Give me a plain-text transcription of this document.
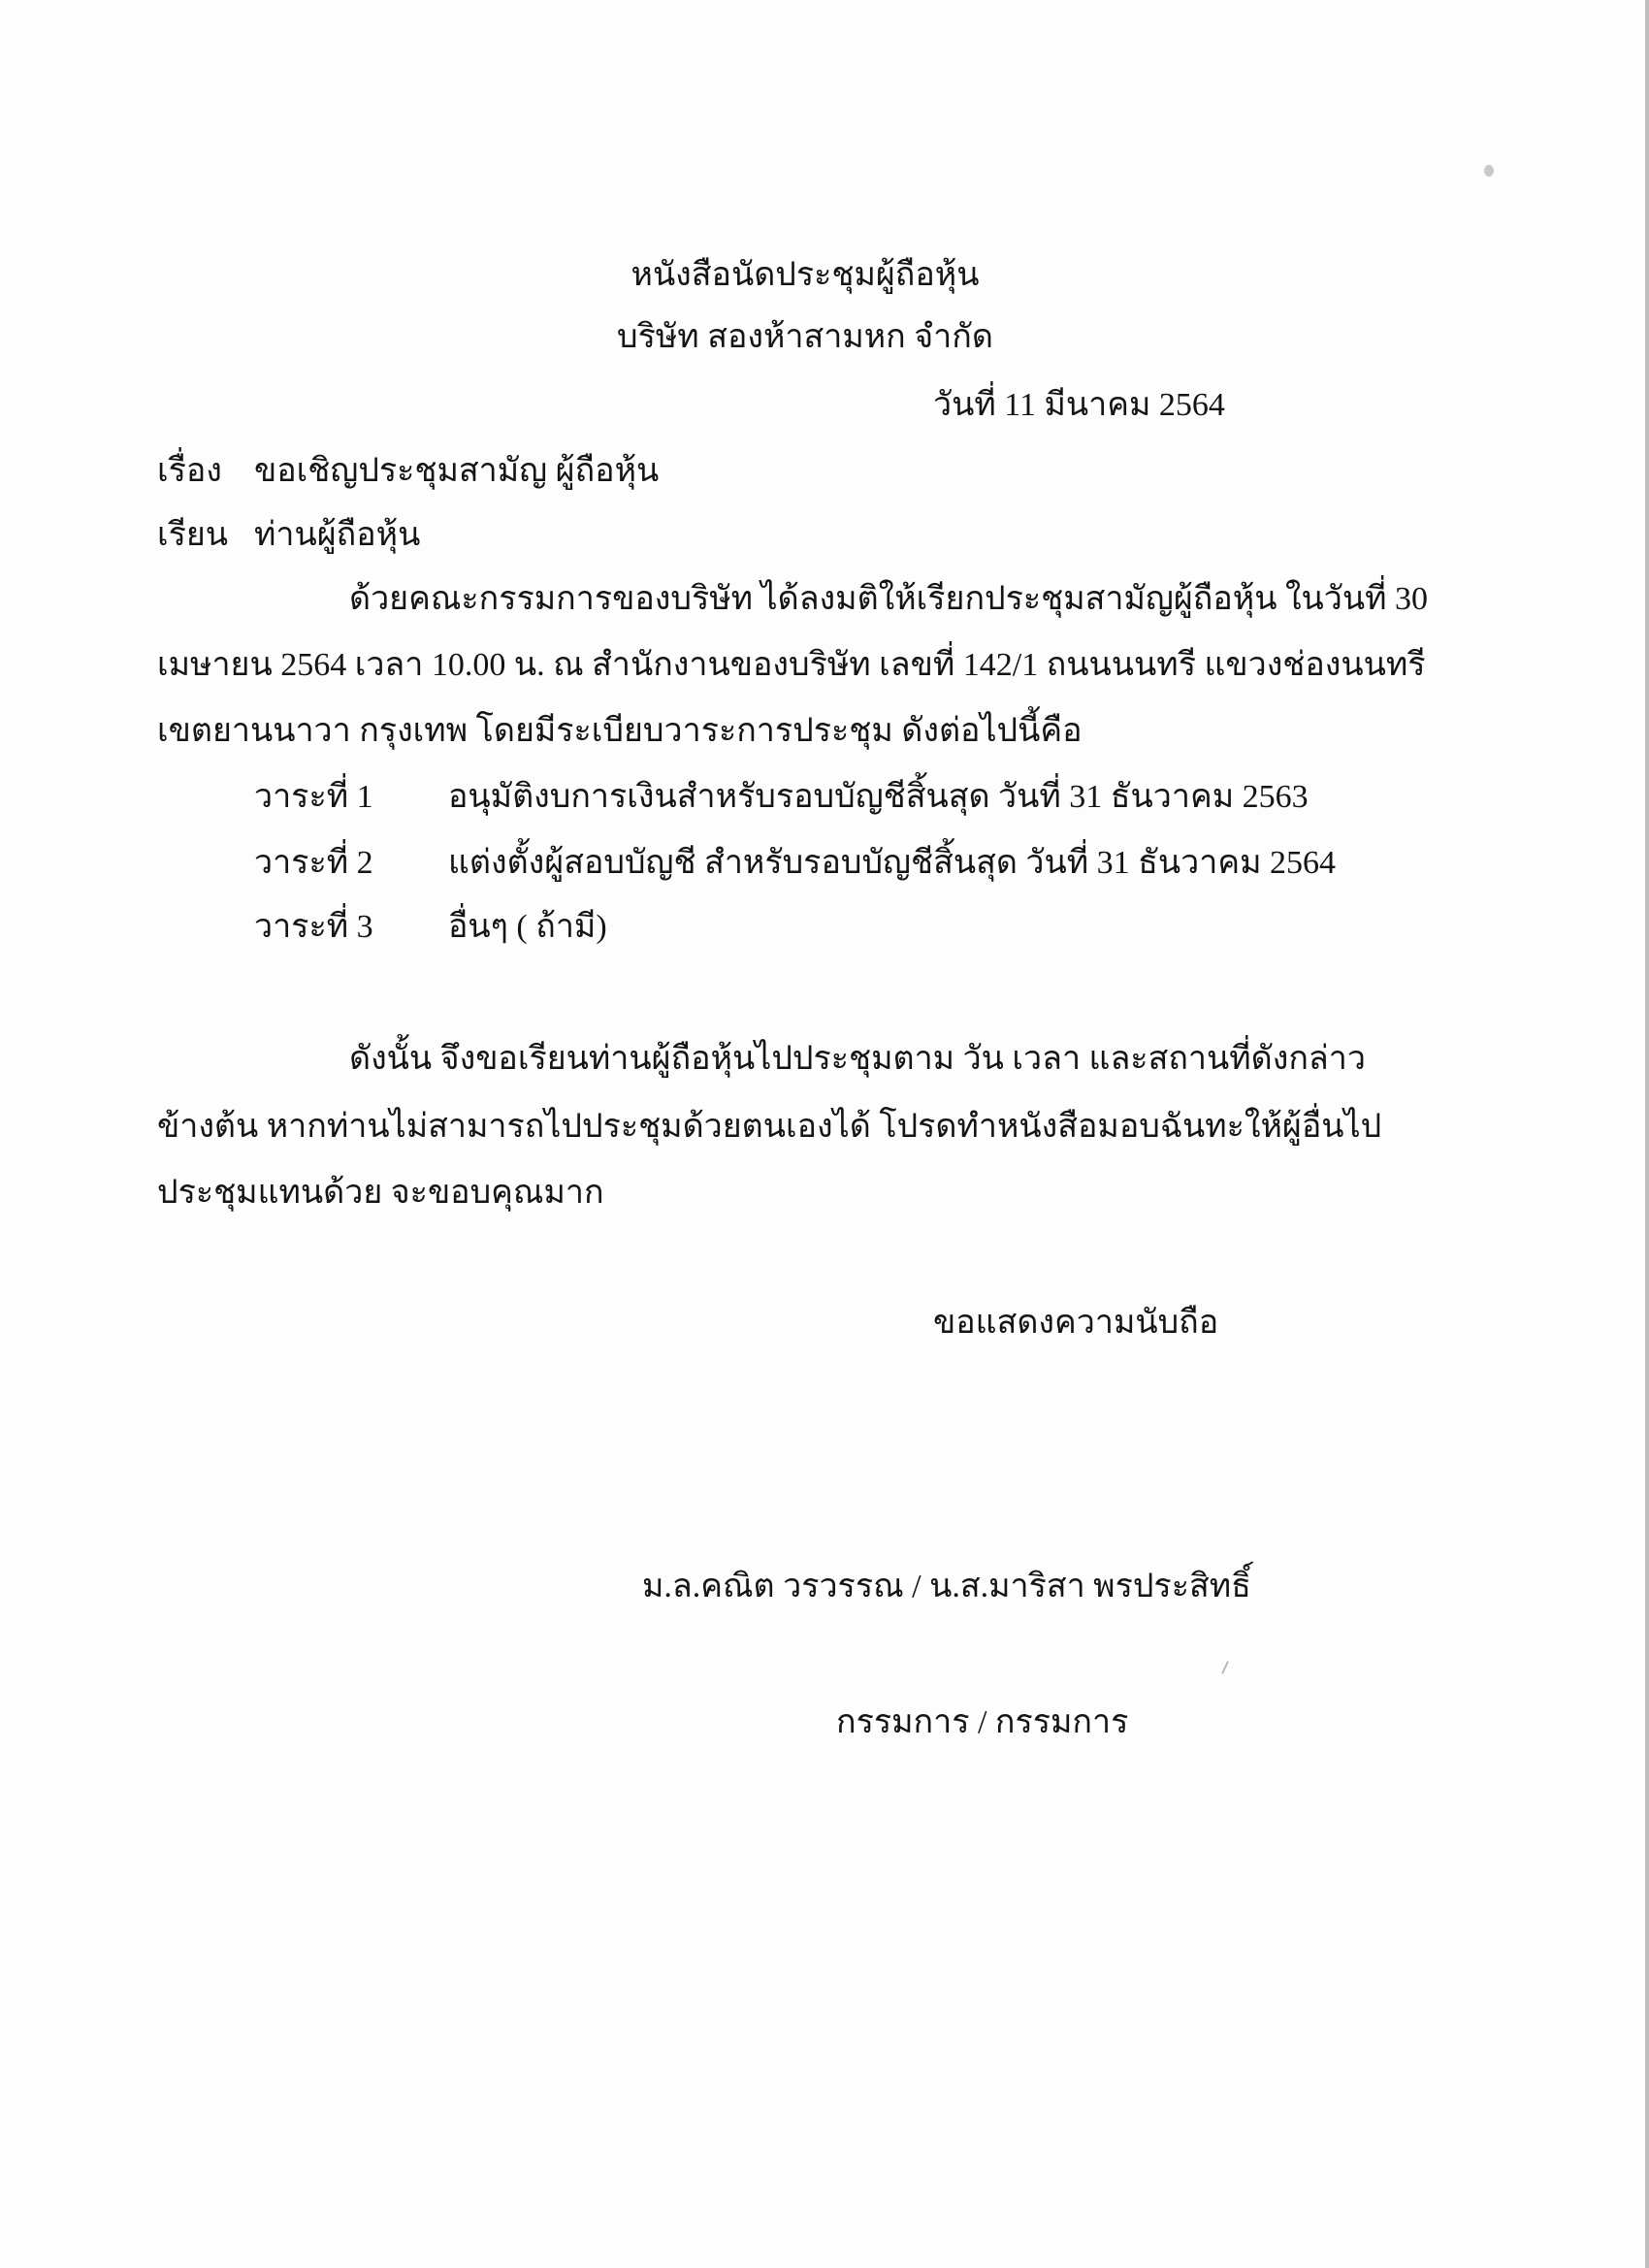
หนังสือนัดประชุมผู้ถือหุ้น
บริษัท สองห้าสามหก จำกัด
วันที่ 11 มีนาคม 2564
เรื่อง ขอเชิญประชุมสามัญ ผู้ถือหุ้น
เรียน ท่านผู้ถือหุ้น
ด้วยคณะกรรมการของบริษัท ได้ลงมติให้เรียกประชุมสามัญผู้ถือหุ้น ในวันที่ 30
เมษายน 2564 เวลา 10.00 น. ณ สำนักงานของบริษัท เลขที่ 142/1 ถนนนนทรี แขวงช่องนนทรี
เขตยานนาวา กรุงเทพ โดยมีระเบียบวาระการประชุม ดังต่อไปนี้คือ
วาระที่ 1 อนุมัติงบการเงินสำหรับรอบบัญชีสิ้นสุด วันที่ 31 ธันวาคม 2563
วาระที่ 2 แต่งตั้งผู้สอบบัญชี สำหรับรอบบัญชีสิ้นสุด วันที่ 31 ธันวาคม 2564
วาระที่ 3 อื่นๆ ( ถ้ามี)
ดังนั้น จึงขอเรียนท่านผู้ถือหุ้นไปประชุมตาม วัน เวลา และสถานที่ดังกล่าว
ข้างต้น หากท่านไม่สามารถไปประชุมด้วยตนเองได้ โปรดทำหนังสือมอบฉันทะให้ผู้อื่นไป
ประชุมแทนด้วย จะขอบคุณมาก
ขอแสดงความนับถือ
ม.ล.คณิต วรวรรณ / น.ส.มาริสา พรประสิทธิ์
กรรมการ / กรรมการ
